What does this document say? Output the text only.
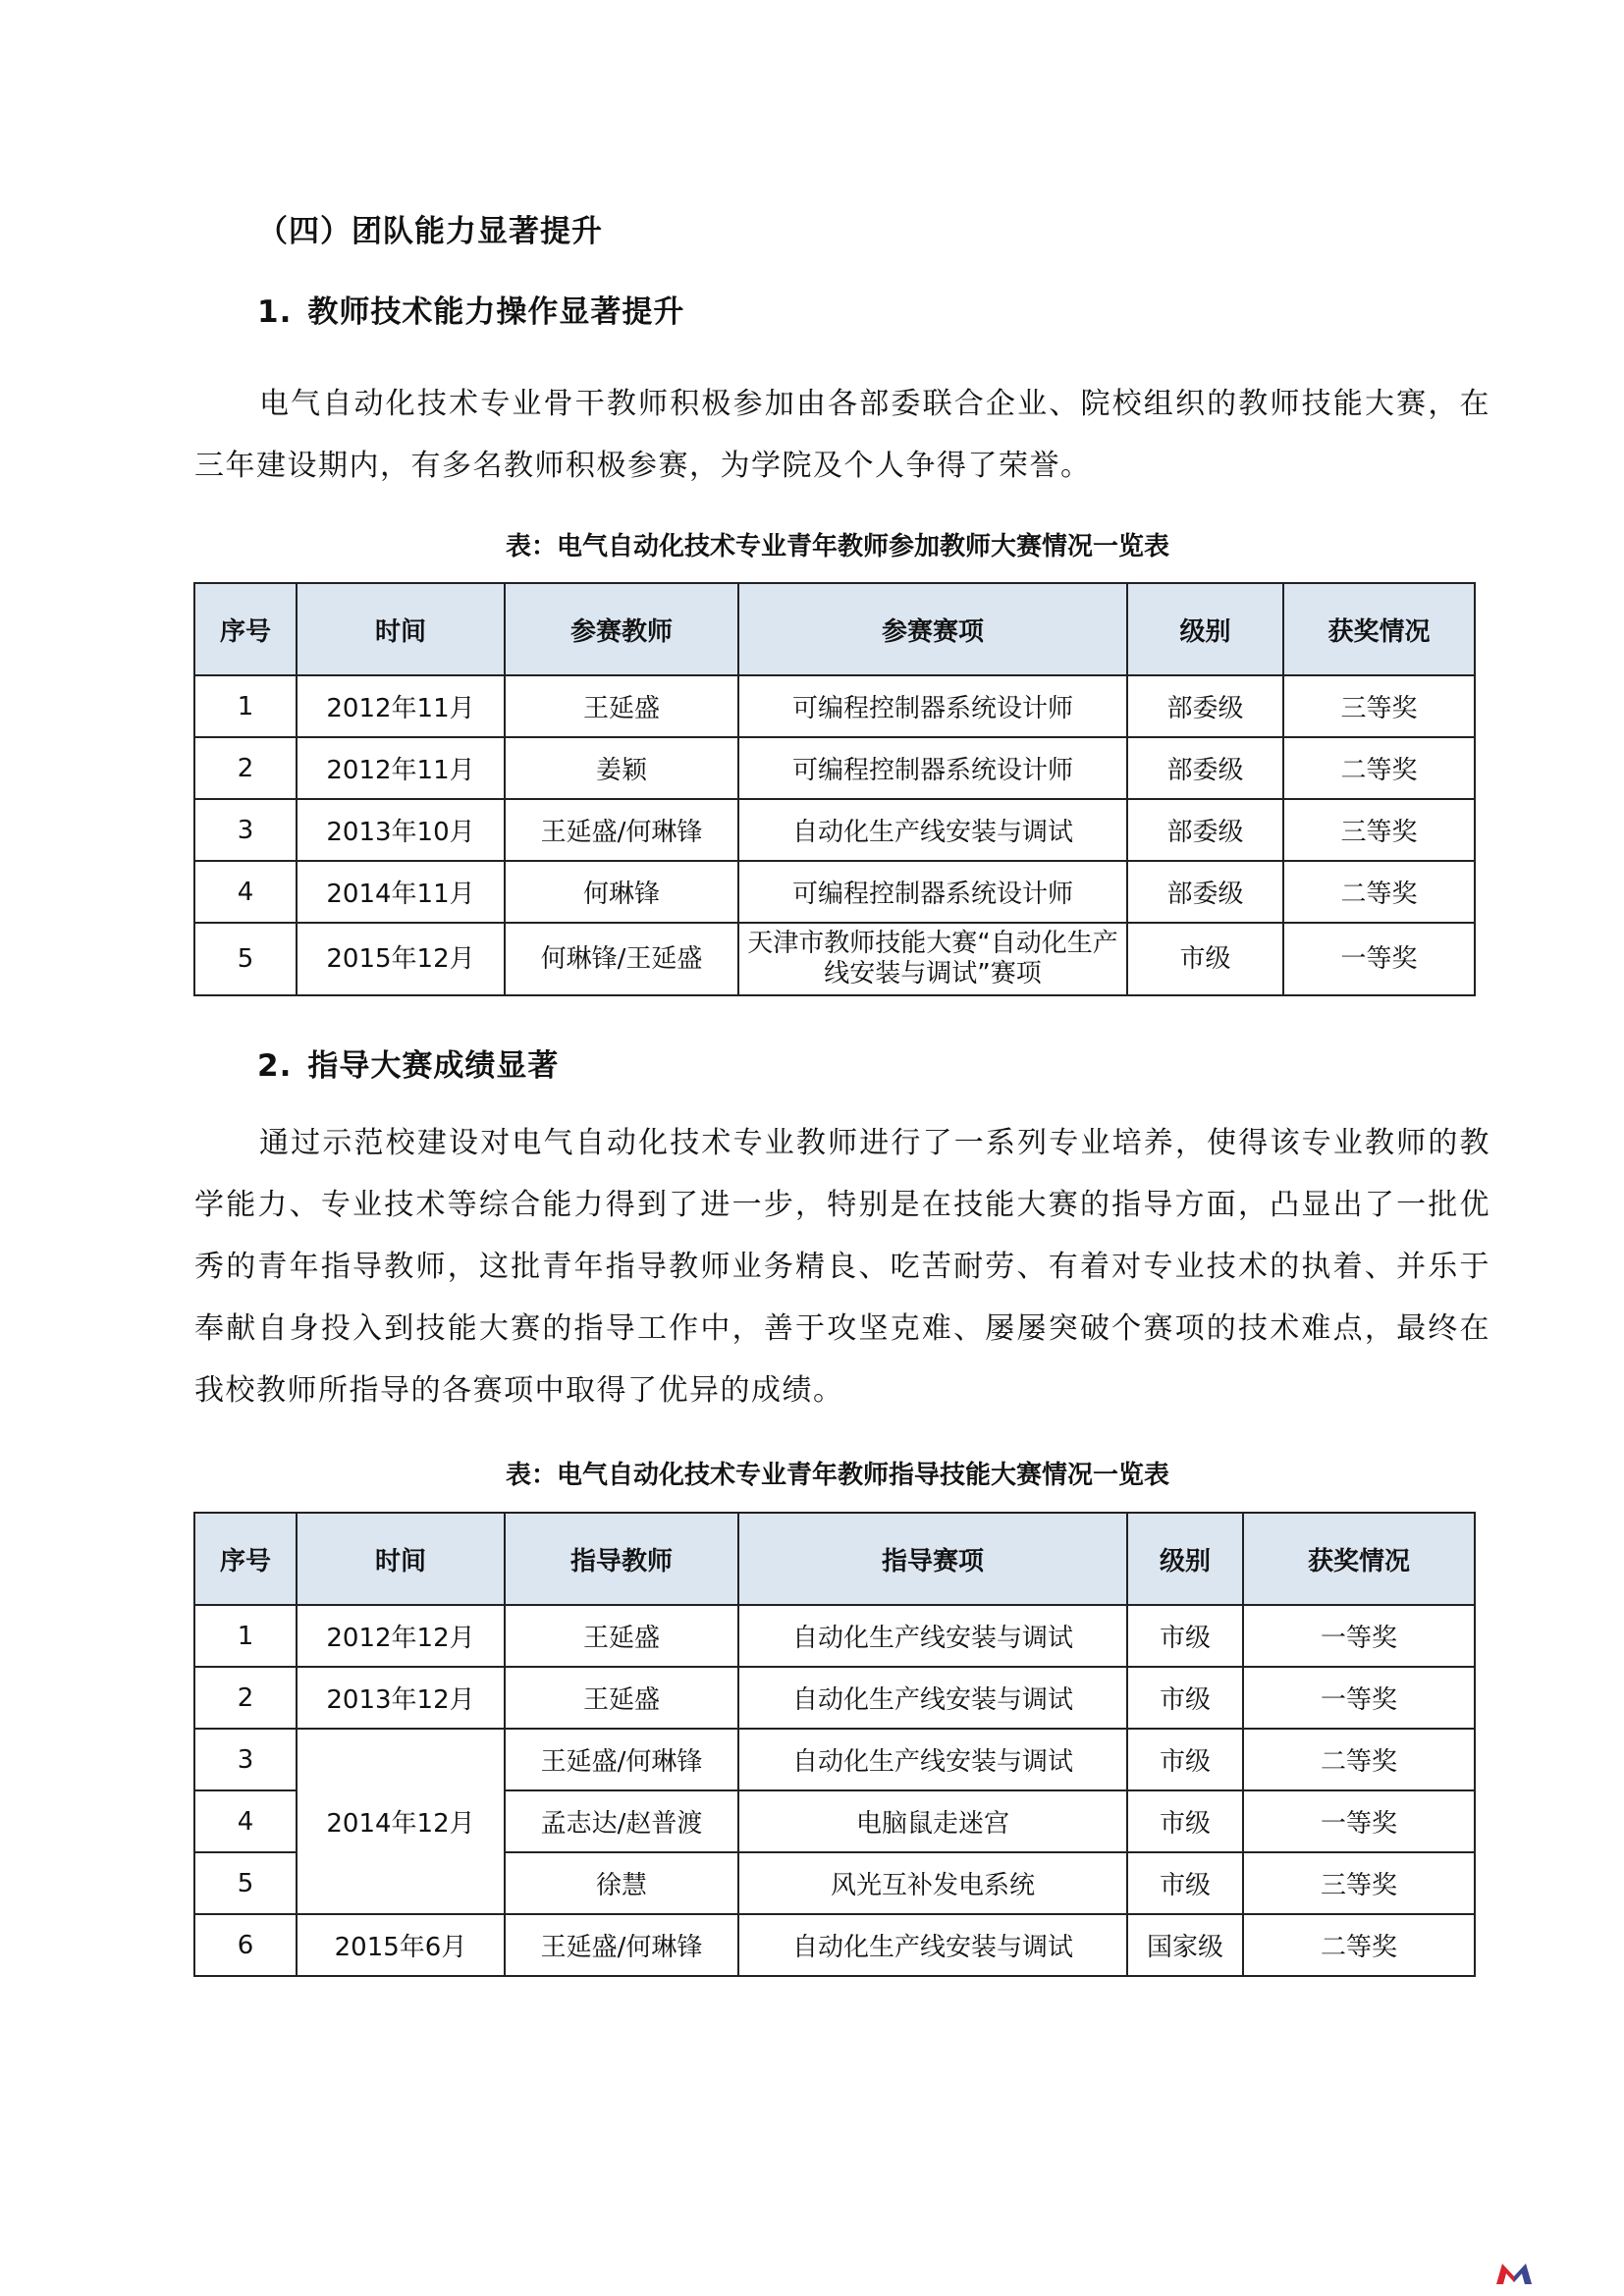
（四）团队能力显著提升
1. 教师技术能力操作显著提升
电气自动化技术专业骨干教师积极参加由各部委联合企业、院校组织的教师技能大赛，在三年建设期内，有多名教师积极参赛，为学院及个人争得了荣誉。
表：电气自动化技术专业青年教师参加教师大赛情况一览表
序号	时间	参赛教师	参赛赛项	级别	获奖情况
1	2012年11月	王延盛	可编程控制器系统设计师	部委级	三等奖
2	2012年11月	姜颖	可编程控制器系统设计师	部委级	二等奖
3	2013年10月	王延盛/何琳锋	自动化生产线安装与调试	部委级	三等奖
4	2014年11月	何琳锋	可编程控制器系统设计师	部委级	二等奖
5	2015年12月	何琳锋/王延盛	天津市教师技能大赛“自动化生产线安装与调试”赛项	市级	一等奖
2. 指导大赛成绩显著
通过示范校建设对电气自动化技术专业教师进行了一系列专业培养，使得该专业教师的教学能力、专业技术等综合能力得到了进一步，特别是在技能大赛的指导方面，凸显出了一批优秀的青年指导教师，这批青年指导教师业务精良、吃苦耐劳、有着对专业技术的执着、并乐于奉献自身投入到技能大赛的指导工作中，善于攻坚克难、屡屡突破个赛项的技术难点，最终在我校教师所指导的各赛项中取得了优异的成绩。
表：电气自动化技术专业青年教师指导技能大赛情况一览表
序号	时间	指导教师	指导赛项	级别	获奖情况
1	2012年12月	王延盛	自动化生产线安装与调试	市级	一等奖
2	2013年12月	王延盛	自动化生产线安装与调试	市级	一等奖
3	2014年12月	王延盛/何琳锋	自动化生产线安装与调试	市级	二等奖
4		孟志达/赵普渡	电脑鼠走迷宫	市级	一等奖
5		徐慧	风光互补发电系统	市级	三等奖
6	2015年6月	王延盛/何琳锋	自动化生产线安装与调试	国家级	二等奖
